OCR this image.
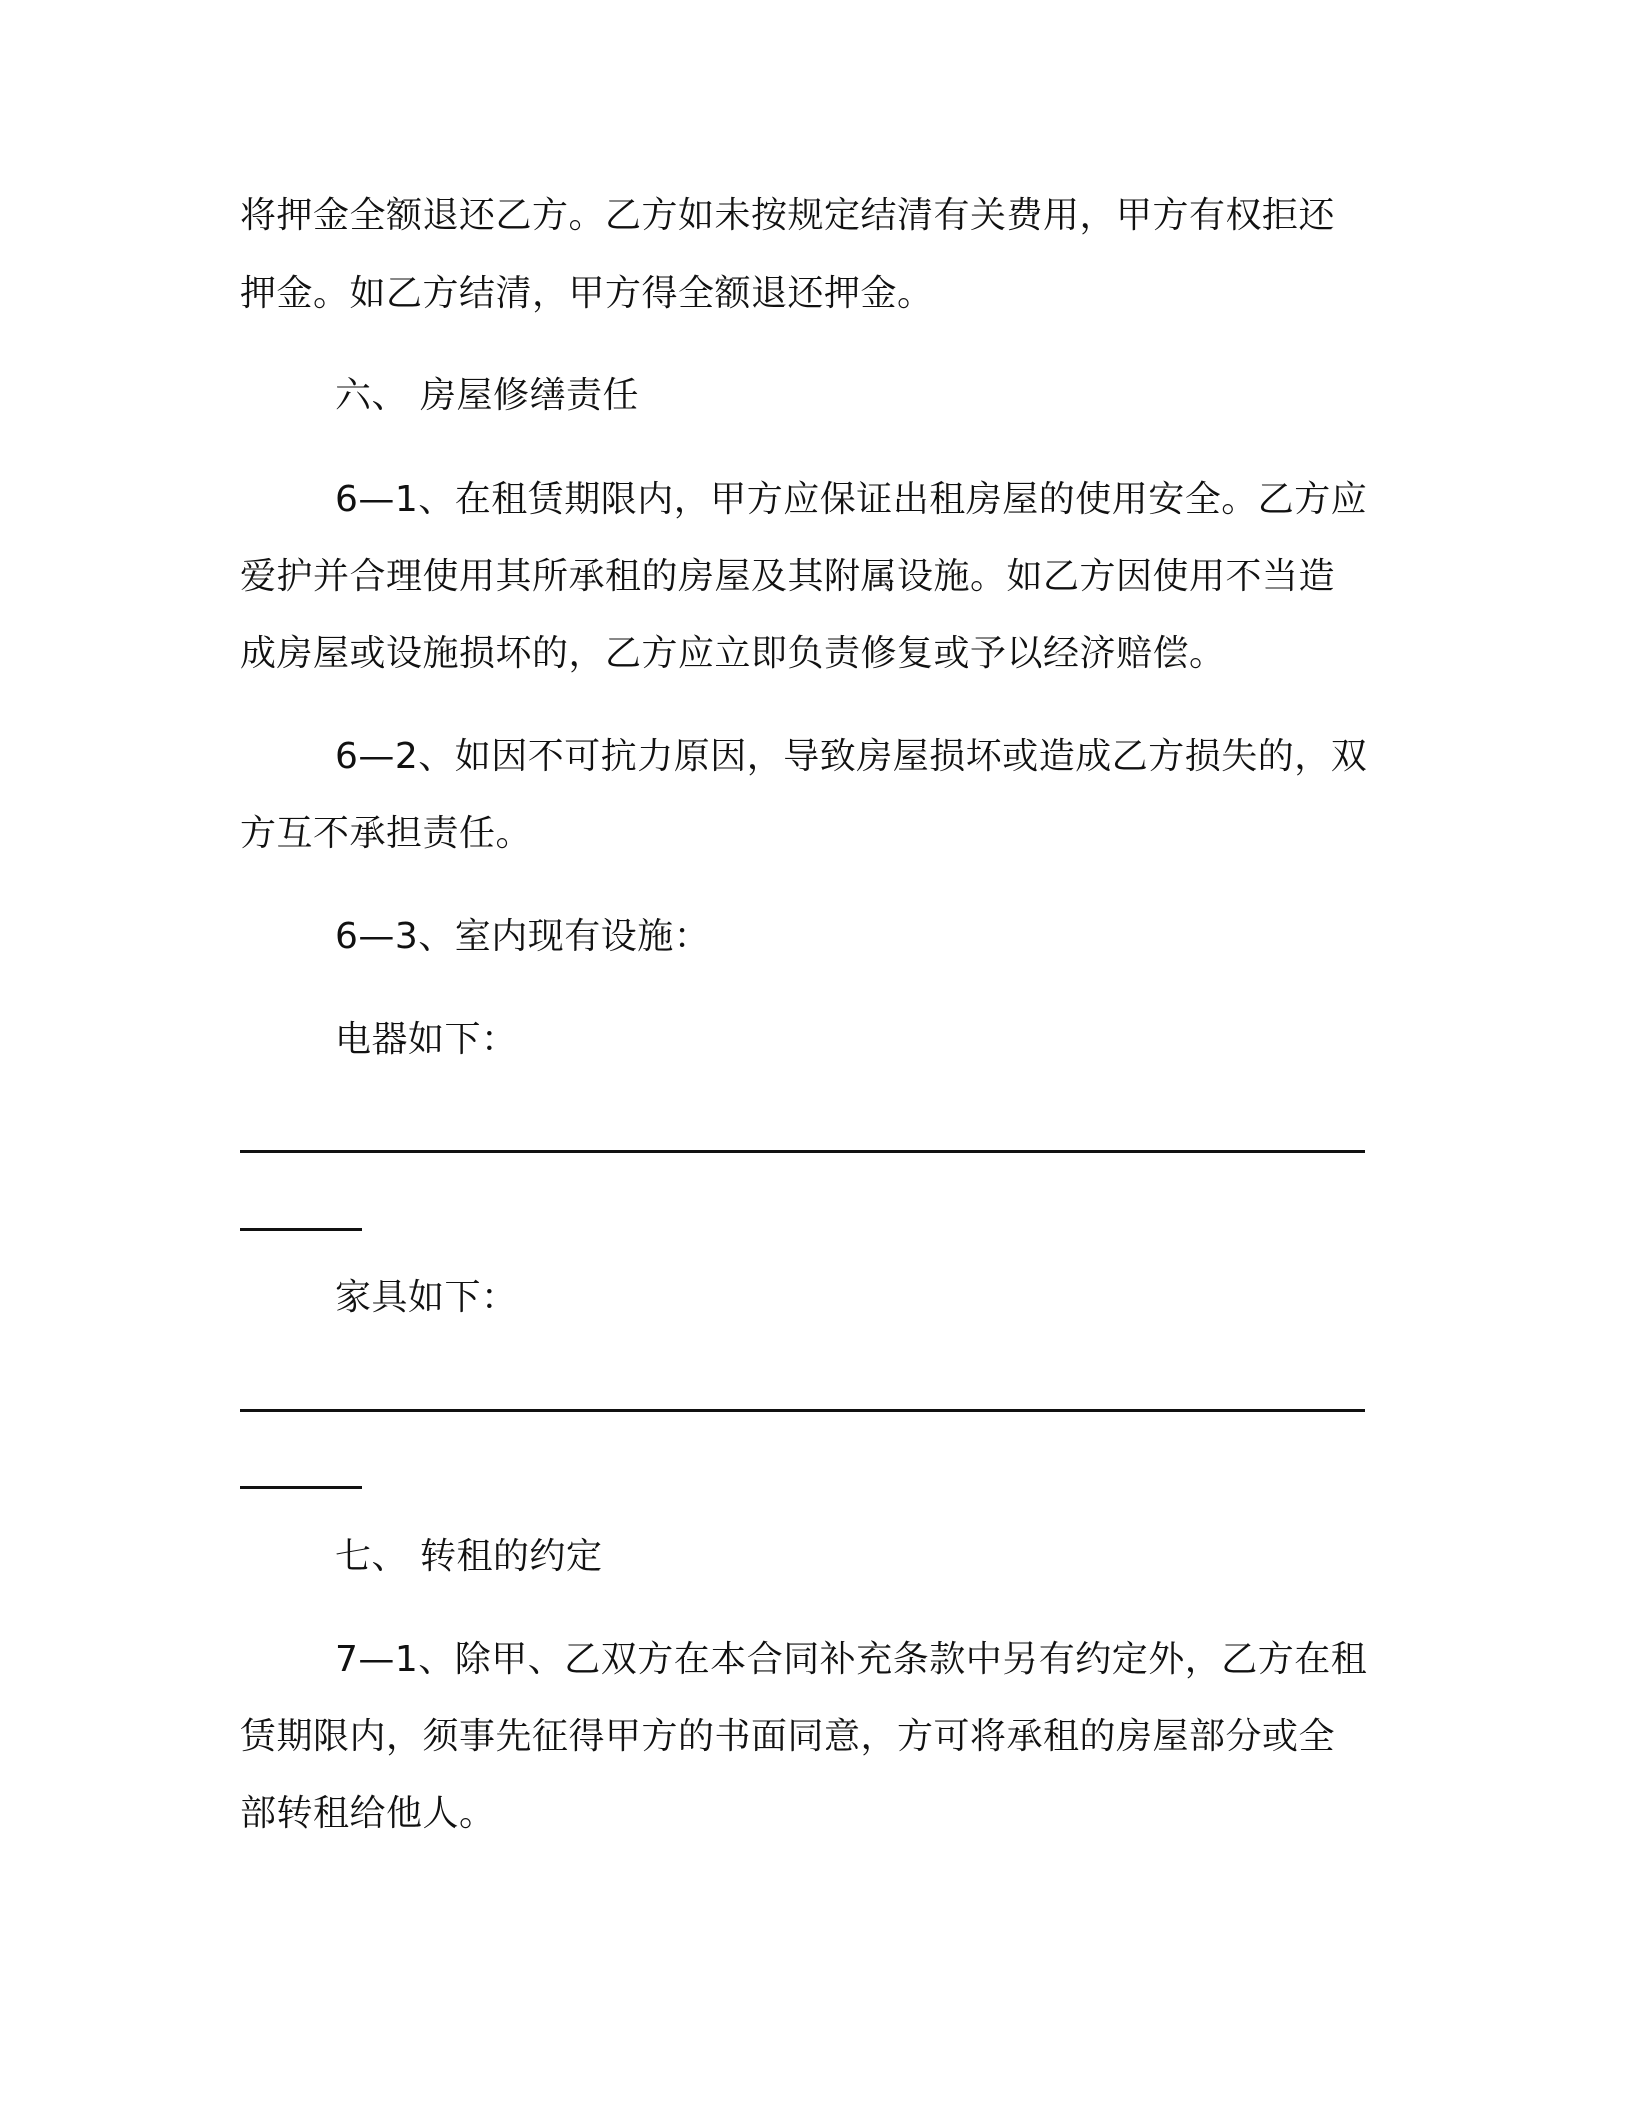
将押金全额退还乙方。乙方如未按规定结清有关费用，甲方有权拒还
押金。如乙方结清，甲方得全额退还押金。
六、 房屋修缮责任
6—1、在租赁期限内，甲方应保证出租房屋的使用安全。乙方应
爱护并合理使用其所承租的房屋及其附属设施。如乙方因使用不当造
成房屋或设施损坏的，乙方应立即负责修复或予以经济赔偿。
6—2、如因不可抗力原因，导致房屋损坏或造成乙方损失的，双
方互不承担责任。
6—3、室内现有设施：
电器如下：
家具如下：
七、 转租的约定
7—1、除甲、乙双方在本合同补充条款中另有约定外，乙方在租
赁期限内，须事先征得甲方的书面同意，方可将承租的房屋部分或全
部转租给他人。
